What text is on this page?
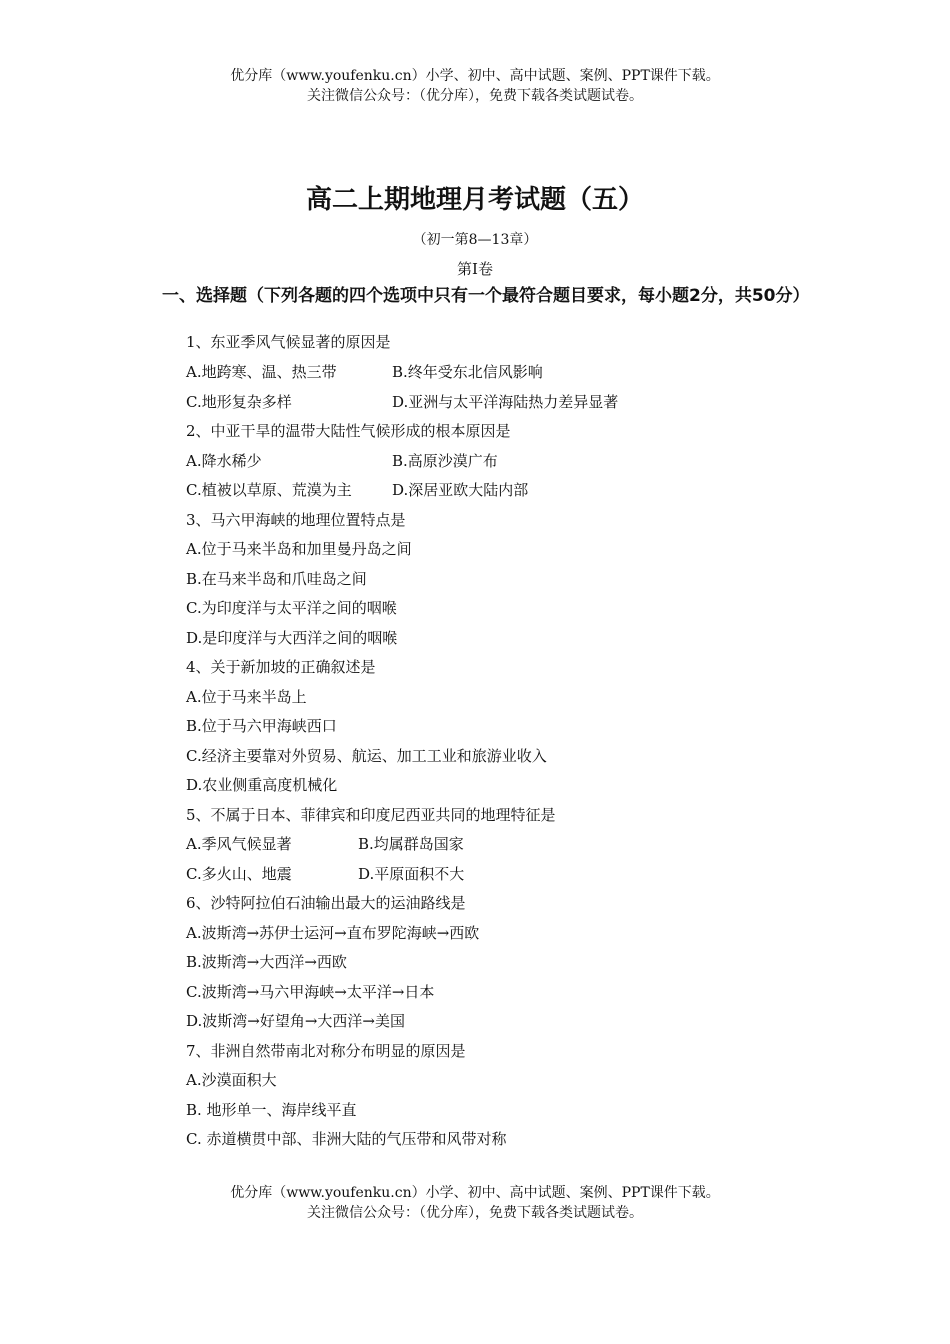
优分库（www.youfenku.cn）小学、初中、高中试题、案例、PPT课件下载。
关注微信公众号：（优分库），免费下载各类试题试卷。
高二上期地理月考试题（五）
（初一第8—13章）
第Ⅰ卷
一、选择题（下列各题的四个选项中只有一个最符合题目要求，每小题2分，共50分）
1、东亚季风气候显著的原因是
A.地跨寒、温、热三带	B.终年受东北信风影响
C.地形复杂多样	D.亚洲与太平洋海陆热力差异显著
2、中亚干旱的温带大陆性气候形成的根本原因是
A.降水稀少	B.高原沙漠广布
C.植被以草原、荒漠为主	D.深居亚欧大陆内部
3、马六甲海峡的地理位置特点是
A.位于马来半岛和加里曼丹岛之间
B.在马来半岛和爪哇岛之间
C.为印度洋与太平洋之间的咽喉
D.是印度洋与大西洋之间的咽喉
4、关于新加坡的正确叙述是
A.位于马来半岛上
B.位于马六甲海峡西口
C.经济主要靠对外贸易、航运、加工工业和旅游业收入
D.农业侧重高度机械化
5、不属于日本、菲律宾和印度尼西亚共同的地理特征是
A.季风气候显著	B.均属群岛国家
C.多火山、地震	D.平原面积不大
6、沙特阿拉伯石油输出最大的运油路线是
A.波斯湾→苏伊士运河→直布罗陀海峡→西欧
B.波斯湾→大西洋→西欧
C.波斯湾→马六甲海峡→太平洋→日本
D.波斯湾→好望角→大西洋→美国
7、非洲自然带南北对称分布明显的原因是
A.沙漠面积大
B. 地形单一、海岸线平直
C. 赤道横贯中部、非洲大陆的气压带和风带对称
优分库（www.youfenku.cn）小学、初中、高中试题、案例、PPT课件下载。
关注微信公众号：（优分库），免费下载各类试题试卷。
